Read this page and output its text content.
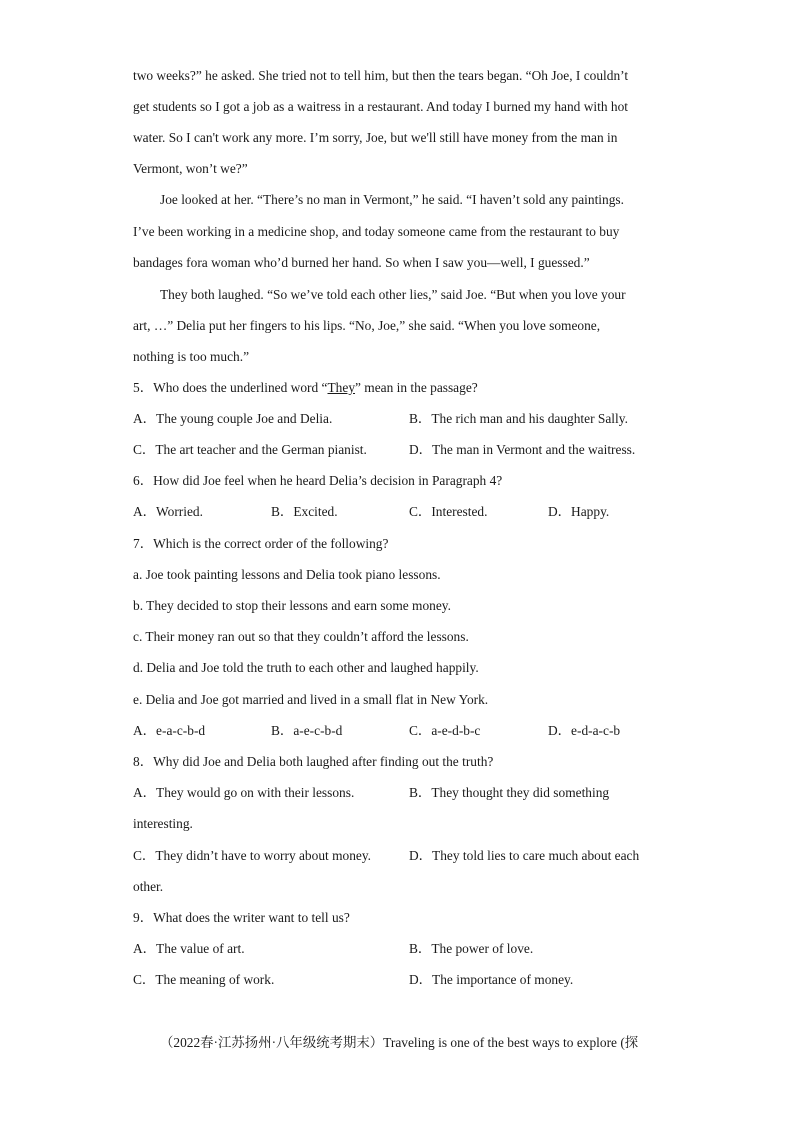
two weeks?” he asked. She tried not to tell him, but then the tears began. “Oh Joe, I couldn’t
get students so I got a job as a waitress in a restaurant. And today I burned my hand with hot
water. So I can't work any more. I’m sorry, Joe, but we'll still have money from the man in
Vermont, won’t we?”
Joe looked at her. “There’s no man in Vermont,” he said. “I haven’t sold any paintings.
I’ve been working in a medicine shop, and today someone came from the restaurant to buy
bandages fora woman who’d burned her hand. So when I saw you—well, I guessed.”
They both laughed. “So we’ve told each other lies,” said Joe. “But when you love your
art, …” Delia put her fingers to his lips. “No, Joe,” she said. “When you love someone,
nothing is too much.”
5．Who does the underlined word “They” mean in the passage?
A．The young couple Joe and Delia.	B．The rich man and his daughter Sally.
C．The art teacher and the German pianist.	D．The man in Vermont and the waitress.
6．How did Joe feel when he heard Delia’s decision in Paragraph 4?
A．Worried.	B．Excited.	C．Interested.	D．Happy.
7．Which is the correct order of the following?
a. Joe took painting lessons and Delia took piano lessons.
b. They decided to stop their lessons and earn some money.
c. Their money ran out so that they couldn’t afford the lessons.
d. Delia and Joe told the truth to each other and laughed happily.
e. Delia and Joe got married and lived in a small flat in New York.
A．e-a-c-b-d	B．a-e-c-b-d	C．a-e-d-b-c	D．e-d-a-c-b
8．Why did Joe and Delia both laughed after finding out the truth?
A．They would go on with their lessons.	B．They thought they did something
interesting.
C．They didn’t have to worry about money.	D．They told lies to care much about each
other.
9．What does the writer want to tell us?
A．The value of art.	B．The power of love.
C．The meaning of work.	D．The importance of money.
（2022春·江苏扬州·八年级统考期末）Traveling is one of the best ways to explore (探
